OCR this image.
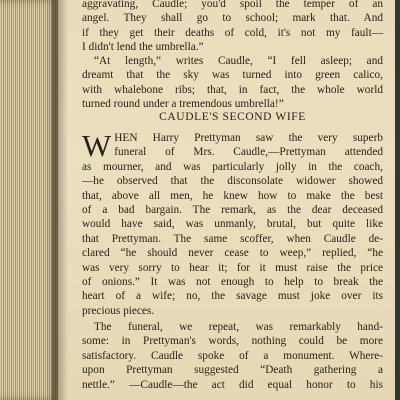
aggravating, Caudle; you'd spoil the temper of an
angel. They shall go to school; mark that. And
if they get their deaths of cold, it's not my fault—
I didn't lend the umbrella.”
“At length,” writes Caudle, “I fell asleep; and
dreamt that the sky was turned into green calico,
with whalebone ribs; that, in fact, the whole world
turned round under a tremendous umbrella!”
CAUDLE'S SECOND WIFE
W HEN Harry Prettyman saw the very superb
funeral of Mrs. Caudle,—Prettyman attended
as mourner, and was particularly jolly in the coach,
—he observed that the disconsolate widower showed
that, above all men, he knew how to make the best
of a bad bargain. The remark, as the dear deceased
would have said, was unmanly, brutal, but quite like
that Prettyman. The same scoffer, when Caudle de-
clared “he should never cease to weep,” replied, “he
was very sorry to hear it; for it must raise the price
of onions.” It was not enough to help to break the
heart of a wife; no, the savage must joke over its
precious pieces.
The funeral, we repeat, was remarkably hand-
some: in Prettyman's words, nothing could be more
satisfactory. Caudle spoke of a monument. Where-
upon Prettyman suggested “Death gathering a
nettle.” —Caudle—the act did equal honor to his
